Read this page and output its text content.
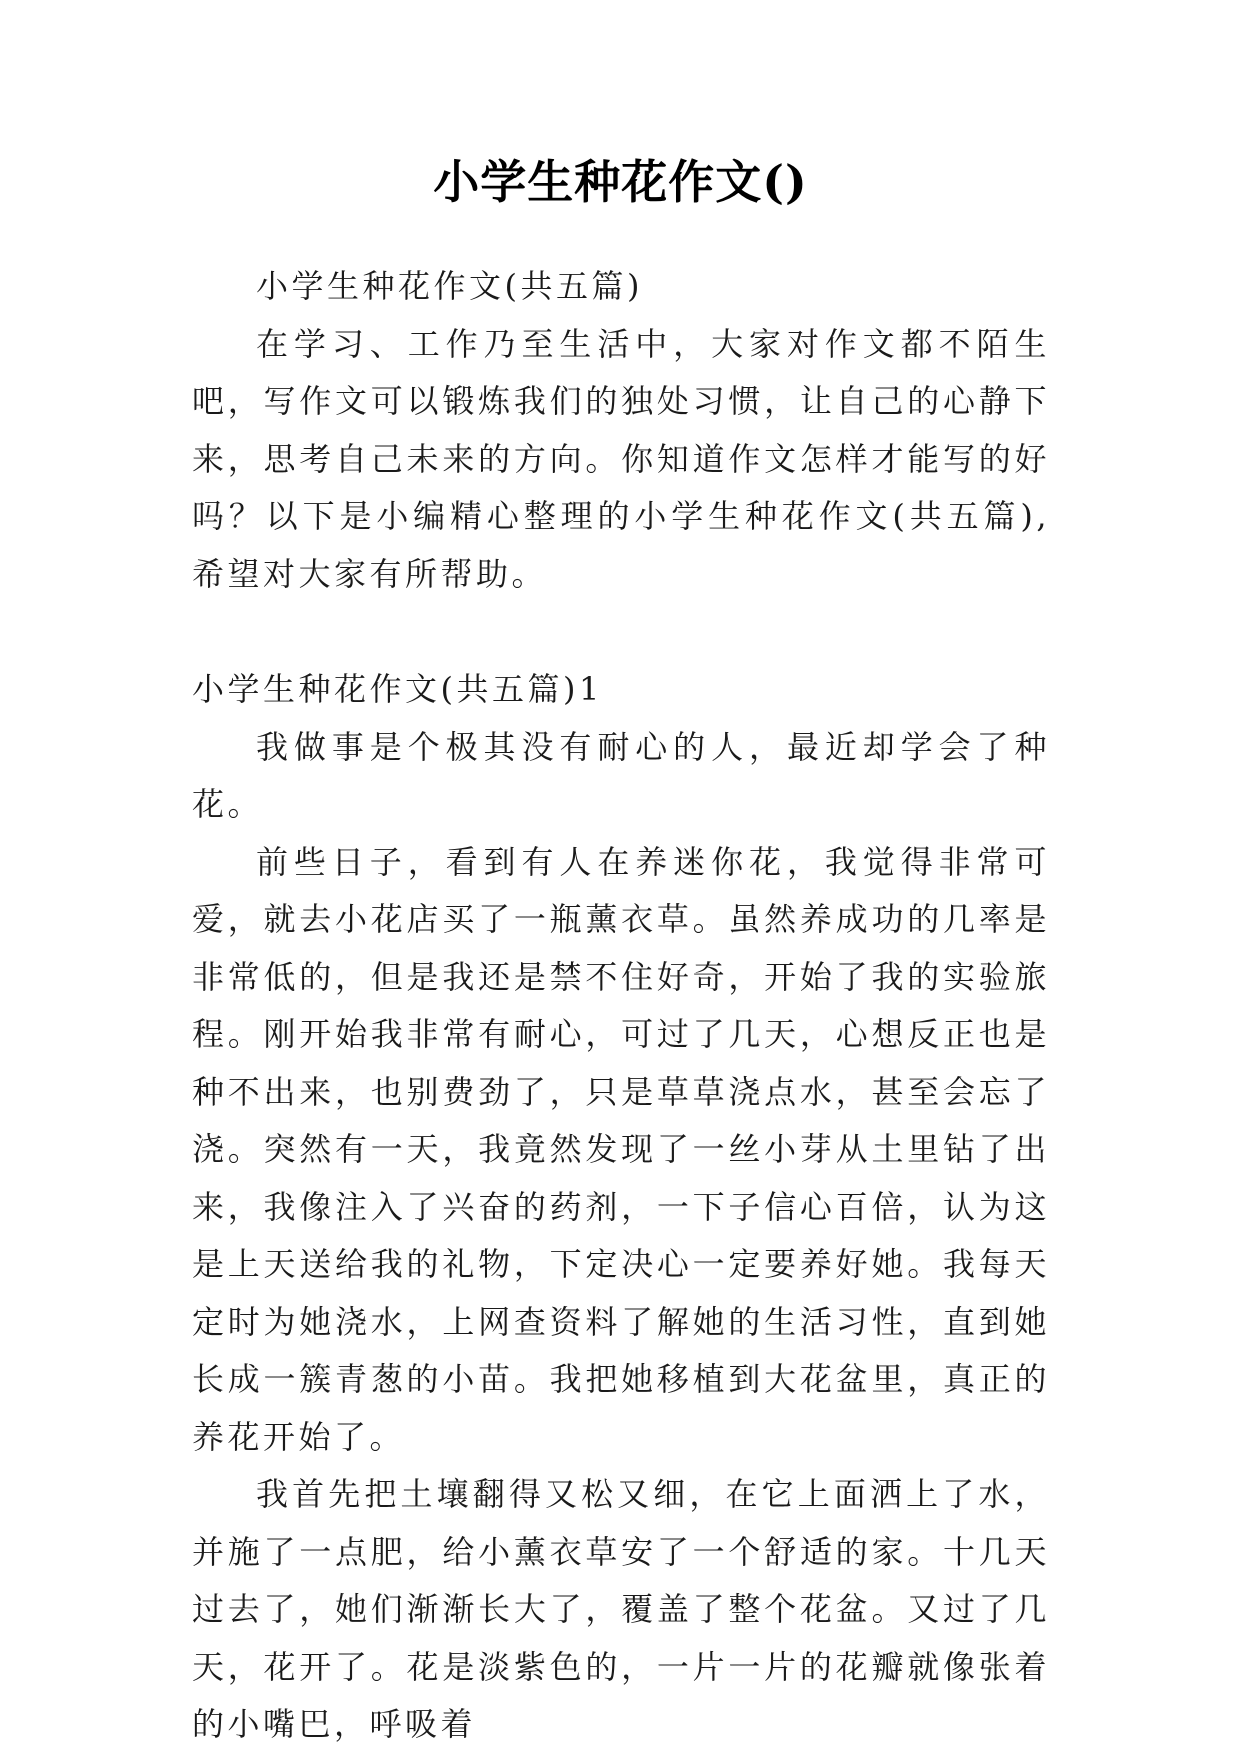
小学生种花作文()

小学生种花作文(共五篇)

在学习、工作乃至生活中，大家对作文都不陌生吧，写作文可以锻炼我们的独处习惯，让自己的心静下来，思考自己未来的方向。你知道作文怎样才能写的好吗？以下是小编精心整理的小学生种花作文(共五篇),希望对大家有所帮助。

小学生种花作文(共五篇)1

我做事是个极其没有耐心的人，最近却学会了种花。

前些日子，看到有人在养迷你花，我觉得非常可爱，就去小花店买了一瓶薰衣草。虽然养成功的几率是非常低的，但是我还是禁不住好奇，开始了我的实验旅程。刚开始我非常有耐心，可过了几天，心想反正也是种不出来，也别费劲了，只是草草浇点水，甚至会忘了浇。突然有一天，我竟然发现了一丝小芽从土里钻了出来，我像注入了兴奋的药剂，一下子信心百倍，认为这是上天送给我的礼物，下定决心一定要养好她。我每天定时为她浇水，上网查资料了解她的生活习性，直到她长成一簇青葱的小苗。我把她移植到大花盆里，真正的养花开始了。

我首先把土壤翻得又松又细，在它上面洒上了水，并施了一点肥，给小薰衣草安了一个舒适的家。十几天过去了，她们渐渐长大了，覆盖了整个花盆。又过了几天，花开了。花是淡紫色的，一片一片的花瓣就像张着的小嘴巴，呼吸着
